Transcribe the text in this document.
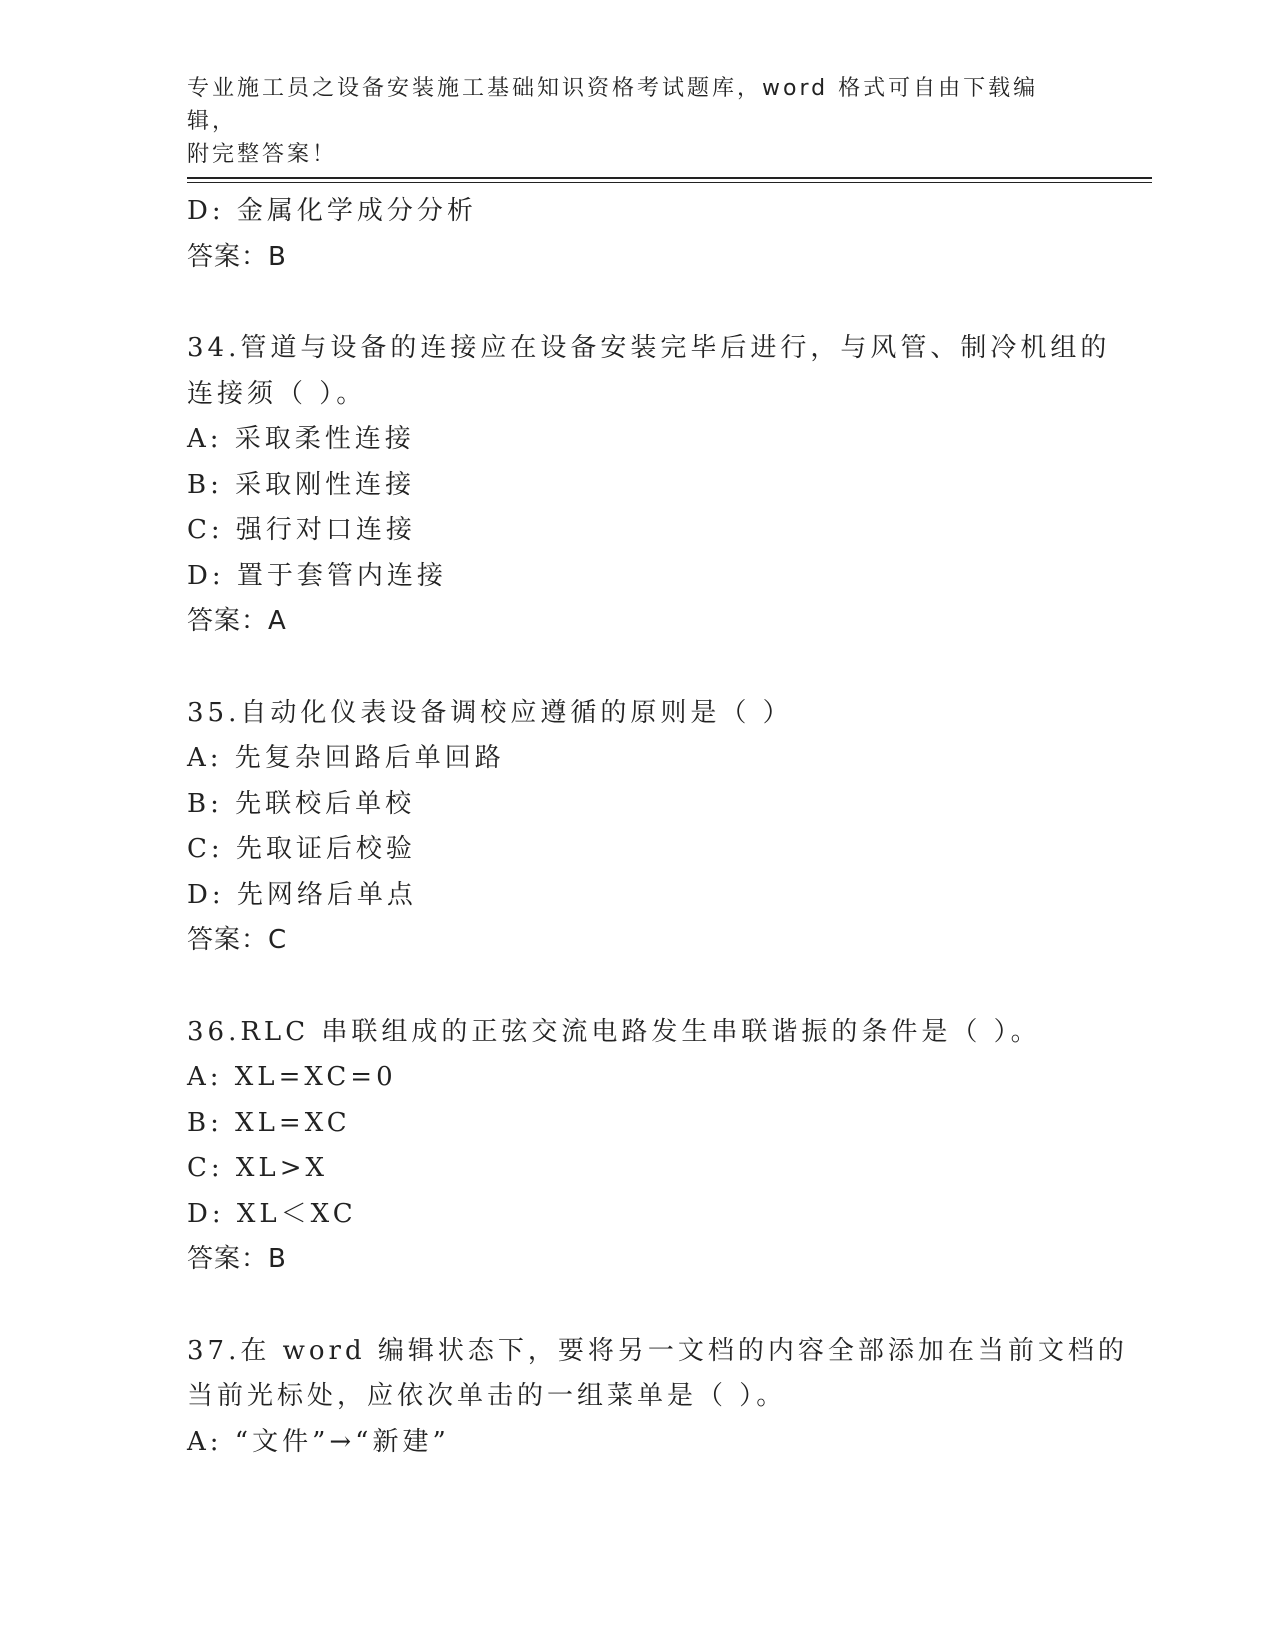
专业施工员之设备安装施工基础知识资格考试题库，word 格式可自由下载编辑，
附完整答案！
D: 金属化学成分分析
答案：B
34.管道与设备的连接应在设备安装完毕后进行，与风管、制冷机组的
连接须（ ）。
A: 采取柔性连接
B: 采取刚性连接
C: 强行对口连接
D: 置于套管内连接
答案：A
35.自动化仪表设备调校应遵循的原则是（ ）
A: 先复杂回路后单回路
B: 先联校后单校
C: 先取证后校验
D: 先网络后单点
答案：C
36.RLC 串联组成的正弦交流电路发生串联谐振的条件是（ ）。
A: XL=XC=0
B: XL=XC
C: XL>X
D: XL＜XC
答案：B
37.在 word 编辑状态下，要将另一文档的内容全部添加在当前文档的
当前光标处，应依次单击的一组菜单是（ ）。
A: “文件”→“新建”
